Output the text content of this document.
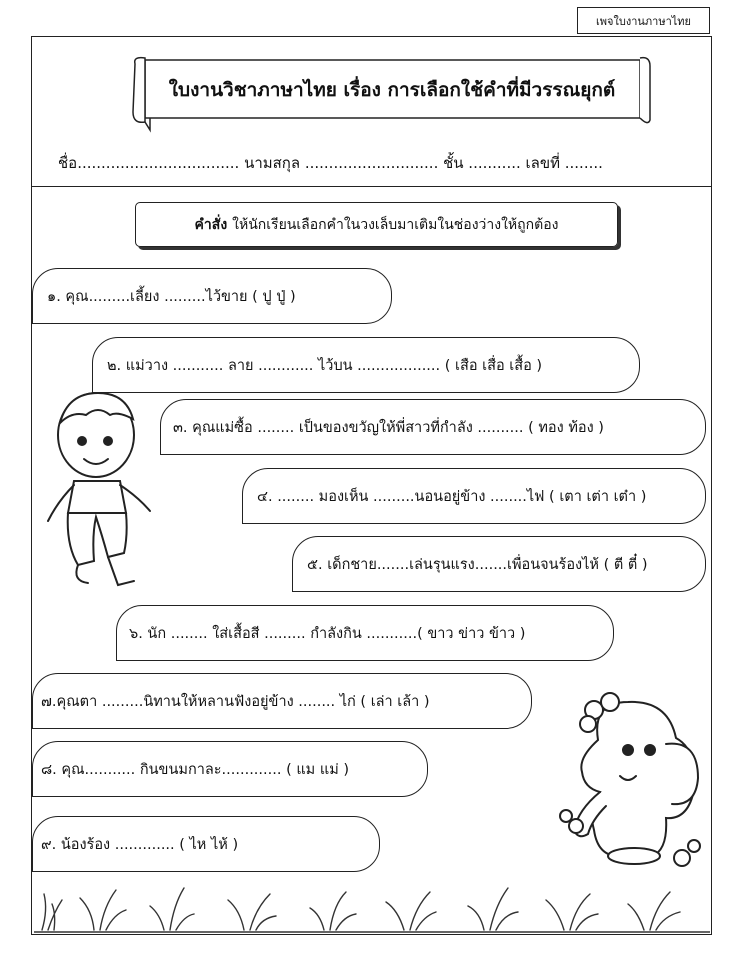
เพจใบงานภาษาไทย
ใบงานวิชาภาษาไทย เรื่อง การเลือกใช้คำที่มีวรรณยุกต์
ชื่อ.................................. นามสกุล ............................ ชั้น ........... เลขที่ ........
คำสั่ง ให้นักเรียนเลือกคำในวงเล็บมาเติมในช่องว่างให้ถูกต้อง
๑. คุณ.........เลี้ยง .........ไว้ขาย ( ปู ปู่ )
๒. แม่วาง ........... ลาย ............ ไว้บน .................. ( เสือ เสื่อ เสื้อ )
๓. คุณแม่ซื้อ ........ เป็นของขวัญให้พี่สาวที่กำลัง .......... ( ทอง ท้อง )
๔. ........ มองเห็น .........นอนอยู่ข้าง ........ไฟ ( เตา เต่า เต๋า )
๕. เด็กชาย.......เล่นรุนแรง.......เพื่อนจนร้องไห้ ( ตี ตี๋ )
๖. นัก ........ ใส่เสื้อสี ......... กำลังกิน ...........( ขาว ข่าว ข้าว )
๗.คุณตา .........นิทานให้หลานฟังอยู่ข้าง ........ ไก่ ( เล่า เล้า )
๘. คุณ........... กินขนมกาละ............. ( แม แม่ )
๙. น้องร้อง ............. ( ไห ไห้ )
